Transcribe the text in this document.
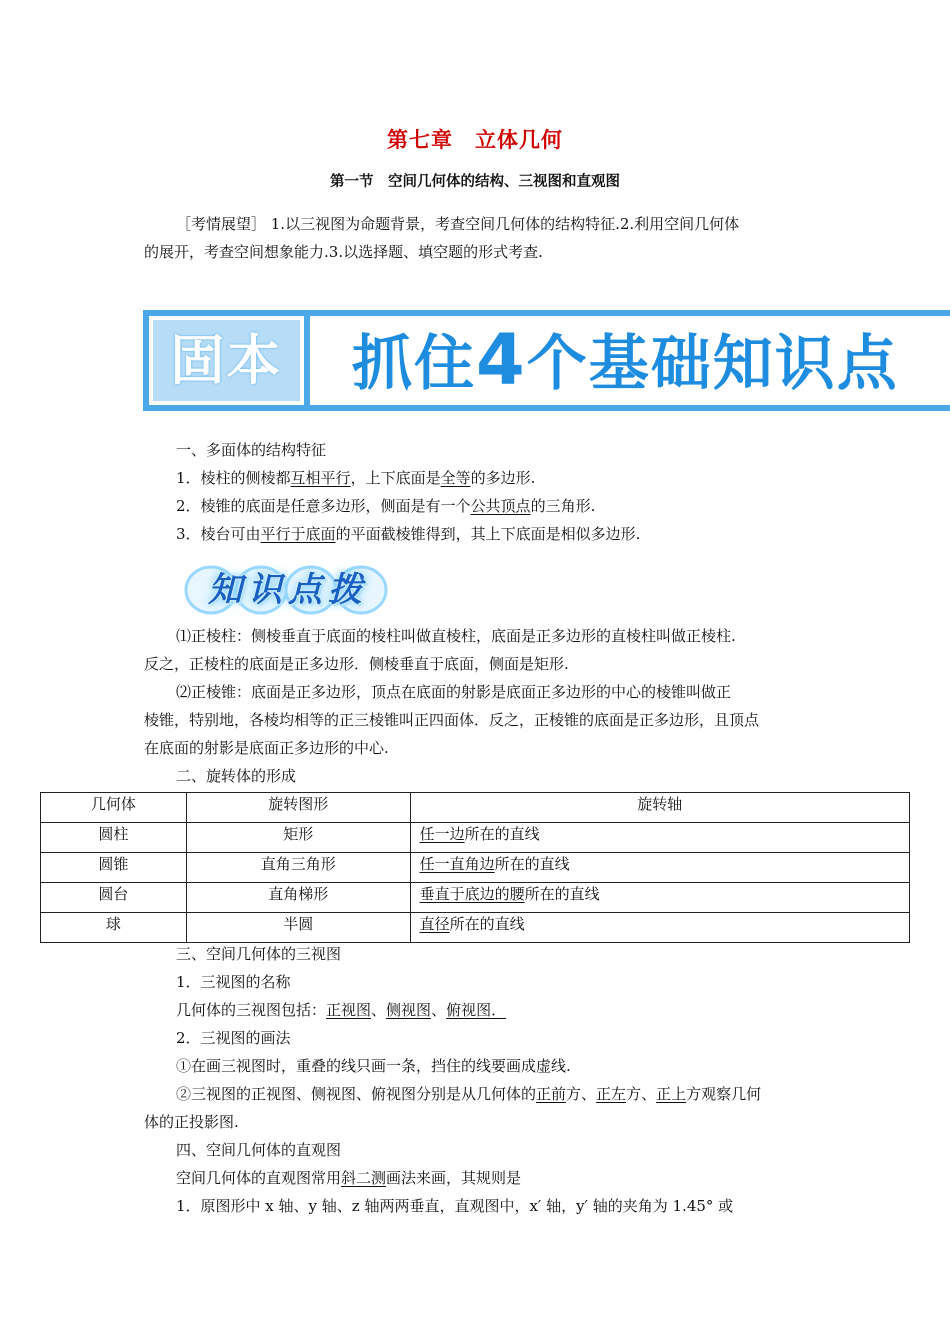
第七章　立体几何
第一节　空间几何体的结构、三视图和直观图
［考情展望］ 1.以三视图为命题背景，考查空间几何体的结构特征.2.利用空间几何体
的展开，考查空间想象能力.3.以选择题、填空题的形式考查.
固本 抓住4个基础知识点
一、多面体的结构特征
1．棱柱的侧棱都互相平行，上下底面是全等的多边形.
2．棱锥的底面是任意多边形，侧面是有一个公共顶点的三角形.
3．棱台可由平行于底面的平面截棱锥得到，其上下底面是相似多边形.
知识点拨
⑴正棱柱：侧棱垂直于底面的棱柱叫做直棱柱，底面是正多边形的直棱柱叫做正棱柱.
反之，正棱柱的底面是正多边形．侧棱垂直于底面，侧面是矩形.
⑵正棱锥：底面是正多边形，顶点在底面的射影是底面正多边形的中心的棱锥叫做正
棱锥，特别地，各棱均相等的正三棱锥叫正四面体．反之，正棱锥的底面是正多边形，且顶点
在底面的射影是底面正多边形的中心.
二、旋转体的形成
几何体	旋转图形	旋转轴
圆柱	矩形	任一边所在的直线
圆锥	直角三角形	任一直角边所在的直线
圆台	直角梯形	垂直于底边的腰所在的直线
球	半圆	直径所在的直线
三、空间几何体的三视图
1．三视图的名称
几何体的三视图包括：正视图、侧视图、俯视图．
2．三视图的画法
①在画三视图时，重叠的线只画一条，挡住的线要画成虚线.
②三视图的正视图、侧视图、俯视图分别是从几何体的正前方、正左方、正上方观察几何
体的正投影图.
四、空间几何体的直观图
空间几何体的直观图常用斜二测画法来画，其规则是
1．原图形中 x 轴、y 轴、z 轴两两垂直，直观图中，x′ 轴，y′ 轴的夹角为 1.45° 或
